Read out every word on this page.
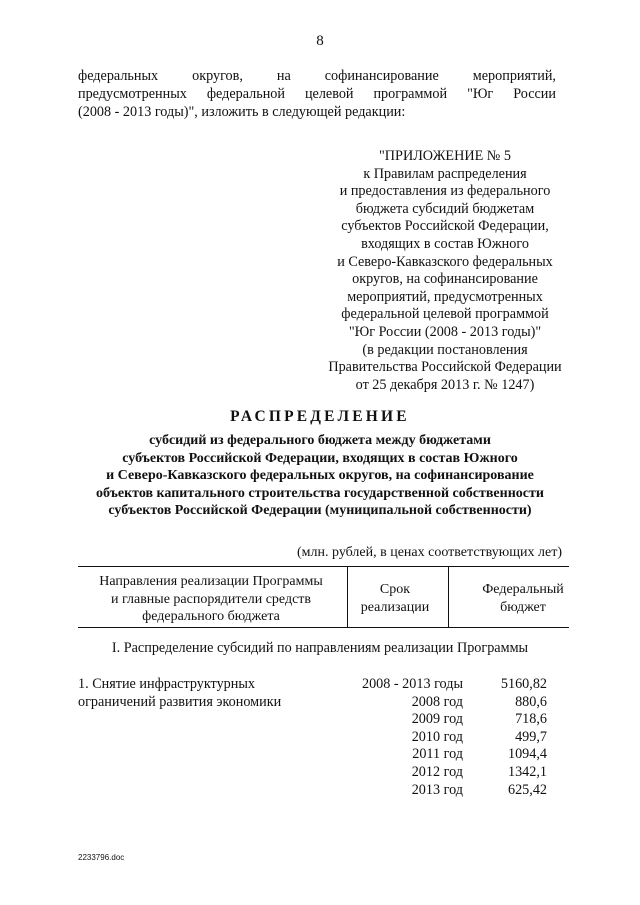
8
федеральных округов, на софинансирование мероприятий,
предусмотренных федеральной целевой программой "Юг России
(2008 - 2013 годы)", изложить в следующей редакции:
"ПРИЛОЖЕНИЕ № 5
к Правилам распределения
и предоставления из федерального
бюджета субсидий бюджетам
субъектов Российской Федерации,
входящих в состав Южного
и Северо-Кавказского федеральных
округов, на софинансирование
мероприятий, предусмотренных
федеральной целевой программой
"Юг России (2008 - 2013 годы)"
(в редакции постановления
Правительства Российской Федерации
от 25 декабря 2013 г. № 1247)
РАСПРЕДЕЛЕНИЕ
субсидий из федерального бюджета между бюджетами
субъектов Российской Федерации, входящих в состав Южного
и Северо-Кавказского федеральных округов, на софинансирование
объектов капитального строительства государственной собственности
субъектов Российской Федерации (муниципальной собственности)
(млн. рублей, в ценах соответствующих лет)
Направления реализации Программы
и главные распорядители средств
федерального бюджета
Срок
реализации
Федеральный
бюджет
I. Распределение субсидий по направлениям реализации Программы
1. Снятие инфраструктурных
ограничений развития экономики
2008 - 2013 годы
2008 год
2009 год
2010 год
2011 год
2012 год
2013 год
5160,82
880,6
718,6
499,7
1094,4
1342,1
625,42
2233796.doc
